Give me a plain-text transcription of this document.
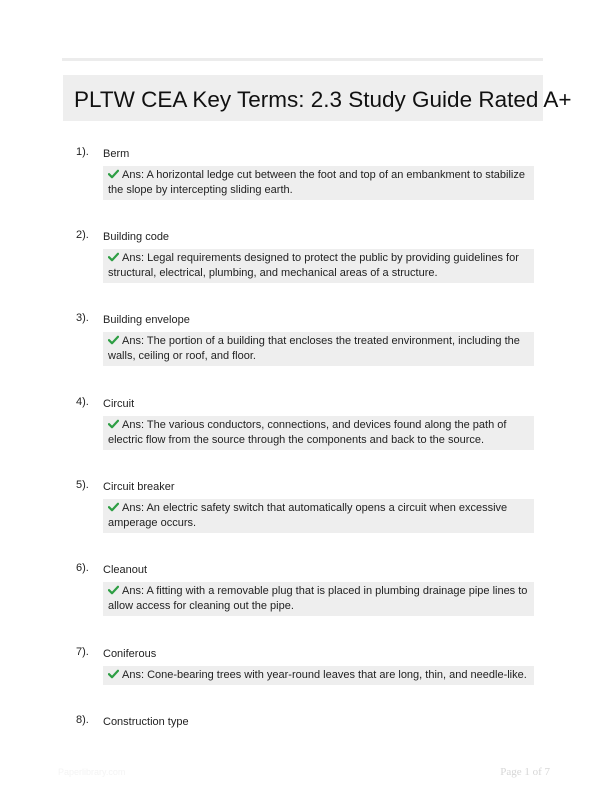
PLTW CEA Key Terms: 2.3 Study Guide Rated A+
1). Berm
Ans: A horizontal ledge cut between the foot and top of an embankment to stabilize the slope by intercepting sliding earth.
2). Building code
Ans: Legal requirements designed to protect the public by providing guidelines for structural, electrical, plumbing, and mechanical areas of a structure.
3). Building envelope
Ans: The portion of a building that encloses the treated environment, including the walls, ceiling or roof, and floor.
4). Circuit
Ans: The various conductors, connections, and devices found along the path of electric flow from the source through the components and back to the source.
5). Circuit breaker
Ans: An electric safety switch that automatically opens a circuit when excessive amperage occurs.
6). Cleanout
Ans: A fitting with a removable plug that is placed in plumbing drainage pipe lines to allow access for cleaning out the pipe.
7). Coniferous
Ans: Cone-bearing trees with year-round leaves that are long, thin, and needle-like.
8). Construction type
Paperlibrary.com	Page 1 of 7
